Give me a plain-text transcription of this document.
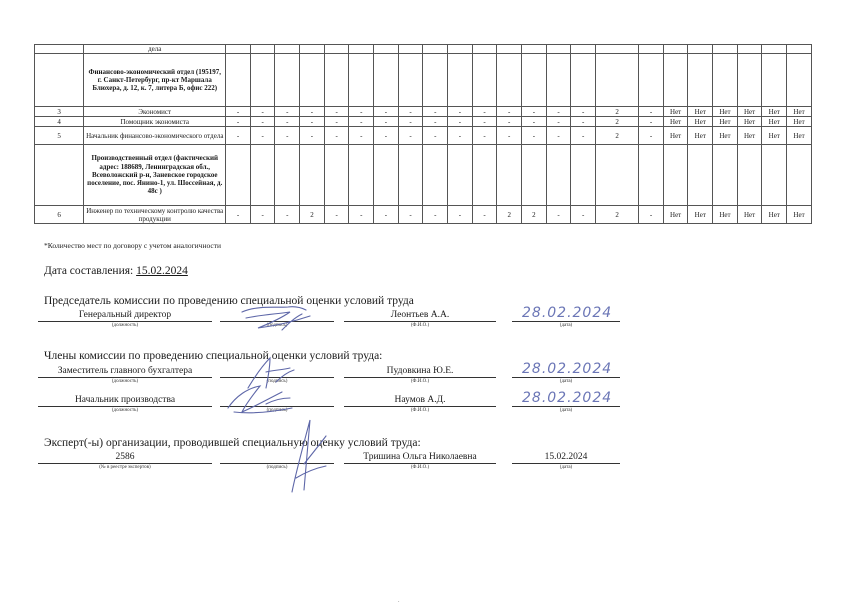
	дела																							
	Финансово-экономический отдел (195197, г. Санкт-Петербург, пр-кт Маршала Блюхера, д. 12, к. 7, литера Б, офис 222)																							
3	Экономист	-	-	-	-	-	-	-	-	-	-	-	-	-	-	-	2	-	Нет	Нет	Нет	Нет	Нет	Нет
4	Помощник экономиста	-	-	-	-	-	-	-	-	-	-	-	-	-	-	-	2	-	Нет	Нет	Нет	Нет	Нет	Нет
5	Начальник финансово-экономического отдела	-	-	-	-	-	-	-	-	-	-	-	-	-	-	-	2	-	Нет	Нет	Нет	Нет	Нет	Нет
	Производственный отдел (фактический адрес: 188689, Ленинградская обл., Всеволожский р-н, Заневское городское поселение, пос. Янино-1, ул. Шоссейная, д. 48с )																							
6	Инженер по техническому контролю качества продукции	-	-	-	2	-	-	-	-	-	-	-	2	2	-	-	2	-	Нет	Нет	Нет	Нет	Нет	Нет
*Количество мест по договору с учетом аналогичности
Дата составления: 15.02.2024
Председатель комиссии по проведению специальной оценки условий труда
Генеральный директор
(должность)	(подпись)
Леонтьев А.А.
(Ф.И.О.)	(дата)
28.02.2024
Члены комиссии по проведению специальной оценки условий труда:
Заместитель главного бухгалтера
(должность)	(подпись)
Пудовкина Ю.Е.
(Ф.И.О.)	(дата)
28.02.2024
Начальник производства
(должность)	(подпись)
Наумов А.Д.
(Ф.И.О.)	(дата)
28.02.2024
Эксперт(-ы) организации, проводившей специальную оценку условий труда:
2586
(№ в реестре экспертов)	(подпись)
Тришина Ольга Николаевна
(Ф.И.О.)
15.02.2024
(дата)
.
